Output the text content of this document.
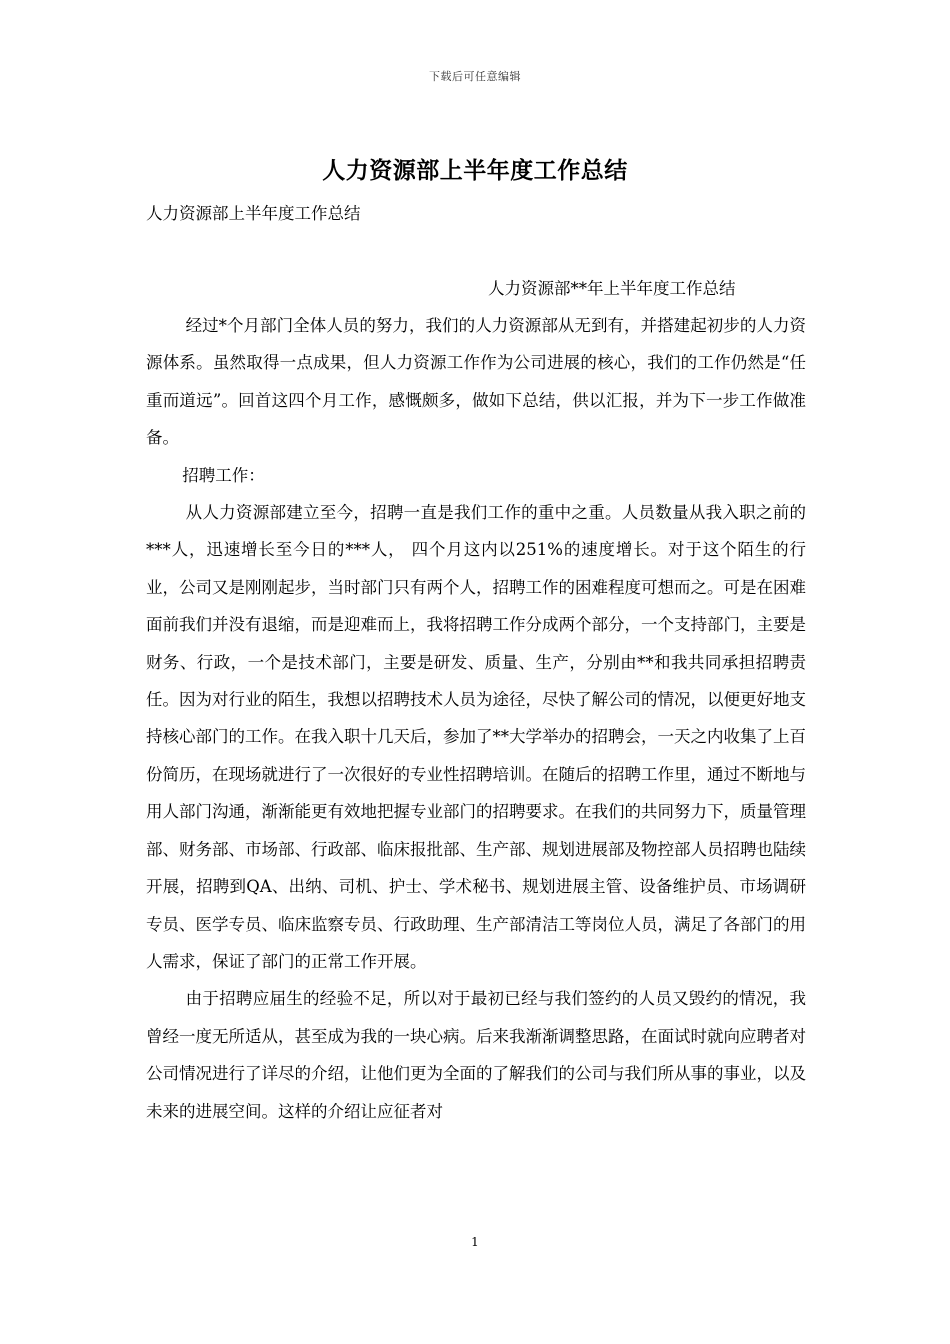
下载后可任意编辑
人力资源部上半年度工作总结
人力资源部上半年度工作总结
人力资源部**年上半年度工作总结

经过*个月部门全体人员的努力，我们的人力资源部从无到有，并搭建起初步的人力资源体系。虽然取得一点成果，但人力资源工作作为公司进展的核心，我们的工作仍然是“任重而道远”。回首这四个月工作，感慨颇多，做如下总结，供以汇报，并为下一步工作做准备。

招聘工作：

从人力资源部建立至今，招聘一直是我们工作的重中之重。人员数量从我入职之前的***人，迅速增长至今日的***人， 四个月这内以251%的速度增长。对于这个陌生的行业，公司又是刚刚起步，当时部门只有两个人，招聘工作的困难程度可想而之。可是在困难面前我们并没有退缩，而是迎难而上，我将招聘工作分成两个部分，一个支持部门，主要是财务、行政，一个是技术部门，主要是研发、质量、生产，分别由**和我共同承担招聘责任。因为对行业的陌生，我想以招聘技术人员为途径，尽快了解公司的情况，以便更好地支持核心部门的工作。在我入职十几天后，参加了**大学举办的招聘会，一天之内收集了上百份简历，在现场就进行了一次很好的专业性招聘培训。在随后的招聘工作里，通过不断地与用人部门沟通，渐渐能更有效地把握专业部门的招聘要求。在我们的共同努力下，质量管理部、财务部、市场部、行政部、临床报批部、生产部、规划进展部及物控部人员招聘也陆续开展，招聘到QA、出纳、司机、护士、学术秘书、规划进展主管、设备维护员、市场调研专员、医学专员、临床监察专员、行政助理、生产部清洁工等岗位人员，满足了各部门的用人需求，保证了部门的正常工作开展。

由于招聘应届生的经验不足，所以对于最初已经与我们签约的人员又毁约的情况，我曾经一度无所适从，甚至成为我的一块心病。后来我渐渐调整思路，在面试时就向应聘者对公司情况进行了详尽的介绍，让他们更为全面的了解我们的公司与我们所从事的事业，以及未来的进展空间。这样的介绍让应征者对

1
